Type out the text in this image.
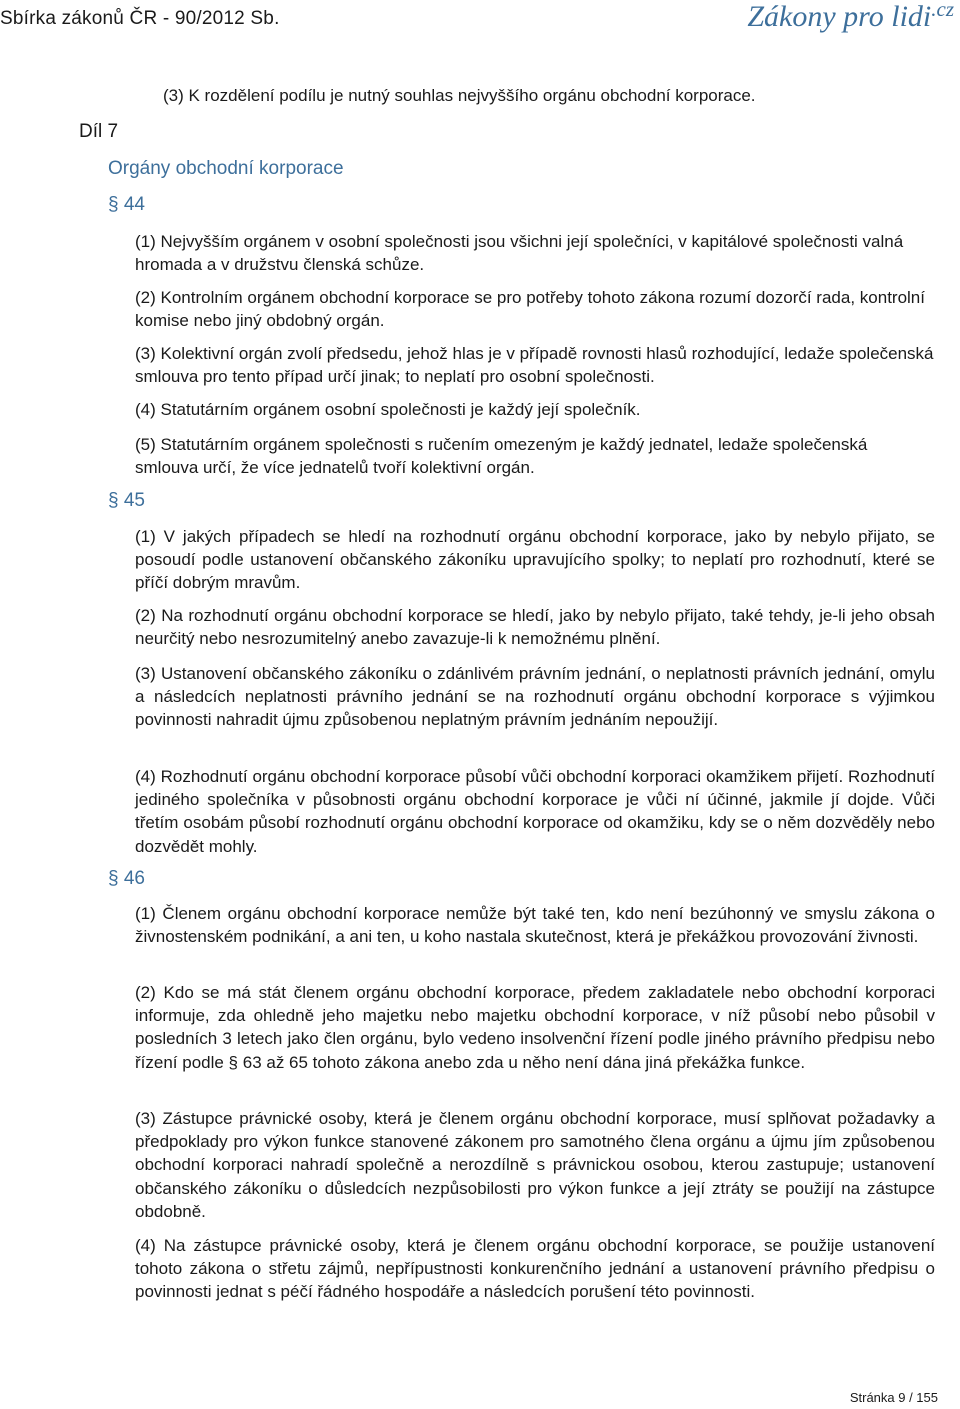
Sbírka zákonů ČR - 90/2012 Sb.	Zákony pro lidi$^{.cz}$
(3) K rozdělení podílu je nutný souhlas nejvyššího orgánu obchodní korporace.
Díl 7
Orgány obchodní korporace
§ 44

(1) Nejvyšším orgánem v osobní společnosti jsou všichni její společníci, v kapitálové společnosti valná hromada a v družstvu členská schůze.

(2) Kontrolním orgánem obchodní korporace se pro potřeby tohoto zákona rozumí dozorčí rada, kontrolní komise nebo jiný obdobný orgán.

(3) Kolektivní orgán zvolí předsedu, jehož hlas je v případě rovnosti hlasů rozhodující, ledaže společenská smlouva pro tento případ určí jinak; to neplatí pro osobní společnosti.

(4) Statutárním orgánem osobní společnosti je každý její společník.

(5) Statutárním orgánem společnosti s ručením omezeným je každý jednatel, ledaže společenská smlouva určí, že více jednatelů tvoří kolektivní orgán.

§ 45

(1) V jakých případech se hledí na rozhodnutí orgánu obchodní korporace, jako by nebylo přijato, se posoudí podle ustanovení občanského zákoníku upravujícího spolky; to neplatí pro rozhodnutí, které se příčí dobrým mravům.

(2) Na rozhodnutí orgánu obchodní korporace se hledí, jako by nebylo přijato, také tehdy, je-li jeho obsah neurčitý nebo nesrozumitelný anebo zavazuje-li k nemožnému plnění.

(3) Ustanovení občanského zákoníku o zdánlivém právním jednání, o neplatnosti právních jednání, omylu a následcích neplatnosti právního jednání se na rozhodnutí orgánu obchodní korporace s výjimkou povinnosti nahradit újmu způsobenou neplatným právním jednáním nepoužijí.

(4) Rozhodnutí orgánu obchodní korporace působí vůči obchodní korporaci okamžikem přijetí. Rozhodnutí jediného společníka v působnosti orgánu obchodní korporace je vůči ní účinné, jakmile jí dojde. Vůči třetím osobám působí rozhodnutí orgánu obchodní korporace od okamžiku, kdy se o něm dozvěděly nebo dozvědět mohly.

§ 46

(1) Členem orgánu obchodní korporace nemůže být také ten, kdo není bezúhonný ve smyslu zákona o živnostenském podnikání, a ani ten, u koho nastala skutečnost, která je překážkou provozování živnosti.

(2) Kdo se má stát členem orgánu obchodní korporace, předem zakladatele nebo obchodní korporaci informuje, zda ohledně jeho majetku nebo majetku obchodní korporace, v níž působí nebo působil v posledních 3 letech jako člen orgánu, bylo vedeno insolvenční řízení podle jiného právního předpisu nebo řízení podle § 63 až 65 tohoto zákona anebo zda u něho není dána jiná překážka funkce.

(3) Zástupce právnické osoby, která je členem orgánu obchodní korporace, musí splňovat požadavky a předpoklady pro výkon funkce stanovené zákonem pro samotného člena orgánu a újmu jím způsobenou obchodní korporaci nahradí společně a nerozdílně s právnickou osobou, kterou zastupuje; ustanovení občanského zákoníku o důsledcích nezpůsobilosti pro výkon funkce a její ztráty se použijí na zástupce obdobně.

(4) Na zástupce právnické osoby, která je členem orgánu obchodní korporace, se použije ustanovení tohoto zákona o střetu zájmů, nepřípustnosti konkurenčního jednání a ustanovení právního předpisu o povinnosti jednat s péčí řádného hospodáře a následcích porušení této povinnosti.

Stránka 9 / 155
